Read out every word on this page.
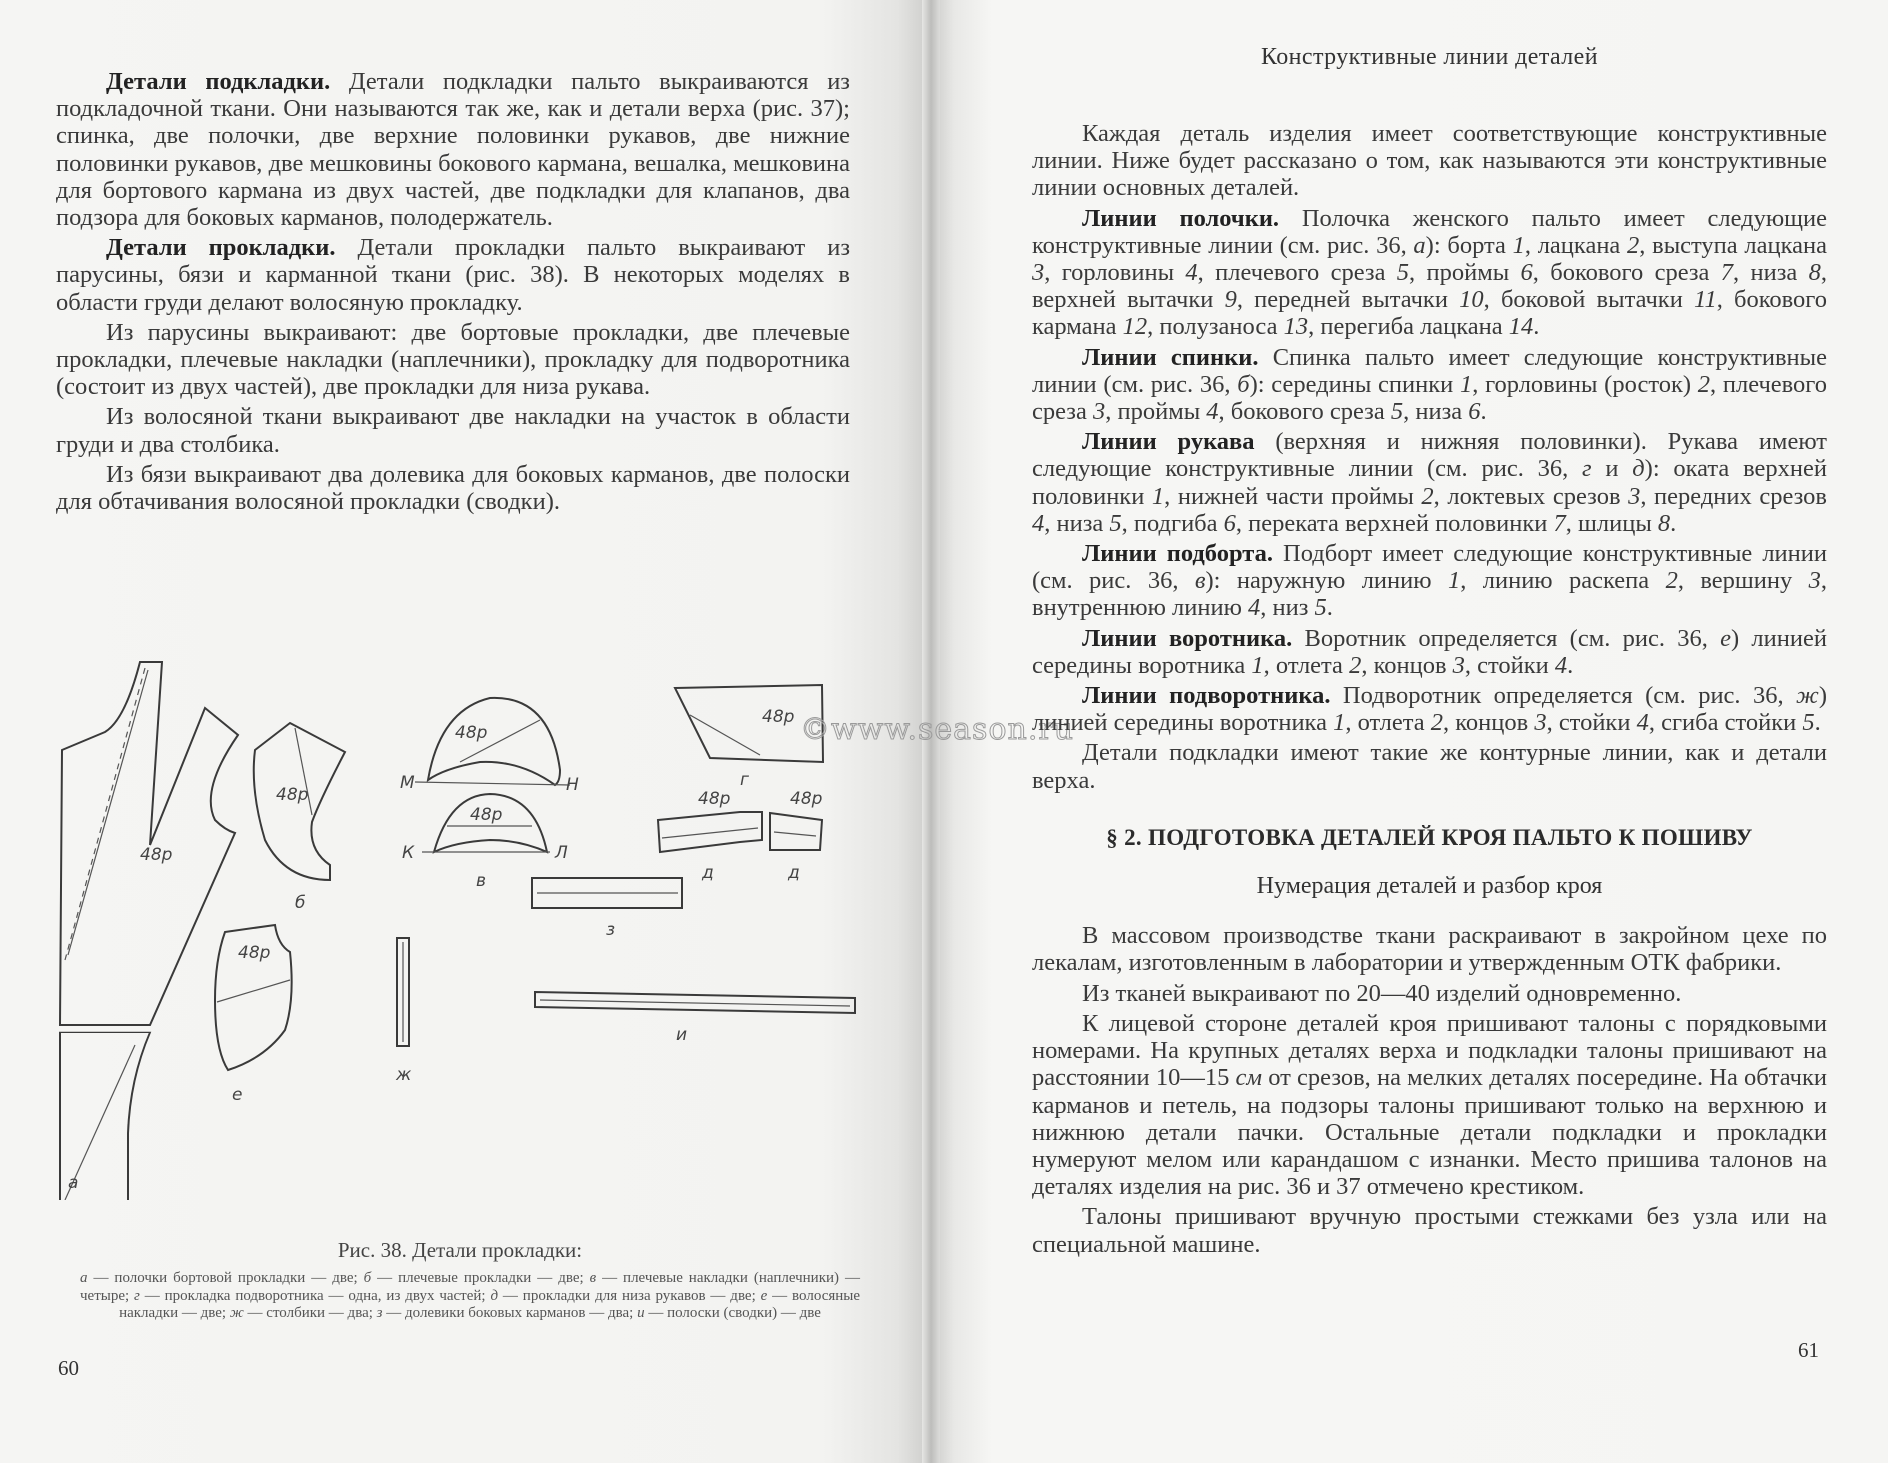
Детали подкладки. Детали подкладки пальто выкраиваются из подкладочной ткани. Они называются так же, как и детали верха (рис. 37); спинка, две полочки, две верхние половинки рукавов, две нижние половинки рукавов, две мешковины бокового кармана, вешалка, мешковина для бортового кармана из двух частей, две подкладки для клапанов, два подзора для боковых карманов, полодержатель.

Детали прокладки. Детали прокладки пальто выкраивают из парусины, бязи и карманной ткани (рис. 38). В некоторых моделях в области груди делают волосяную прокладку.

Из парусины выкраивают: две бортовые прокладки, две плечевые прокладки, плечевые накладки (наплечники), прокладку для подворотника (состоит из двух частей), две прокладки для низа рукава.

Из волосяной ткани выкраивают две накладки на участок в области груди и два столбика.

Из бязи выкраивают два долевика для боковых карманов, две полоски для обтачивания волосяной прокладки (сводки).

48р
а
48р
б
48р
М	Н
48р
К	Л
в
48р
г
48р	48р
д	д
48р
е
ж
з
и
©www.season.ru
Рис. 38. Детали прокладки:
а — полочки бортовой прокладки — две; б — плечевые прокладки — две; в — плечевые накладки (наплечники) — четыре; г — прокладка подворотника — одна, из двух частей; д — прокладки для низа рукавов — две; е — волосяные накладки — две; ж — столбики — два; з — долевики боковых карманов — два; и — полоски (сводки) — две
60
Конструктивные линии деталей

Каждая деталь изделия имеет соответствующие конструктивные линии. Ниже будет рассказано о том, как называются эти конструктивные линии основных деталей.

Линии полочки. Полочка женского пальто имеет следующие конструктивные линии (см. рис. 36, а): борта 1, лацкана 2, выступа лацкана 3, горловины 4, плечевого среза 5, проймы 6, бокового среза 7, низа 8, верхней вытачки 9, передней вытачки 10, боковой вытачки 11, бокового кармана 12, полузаноса 13, перегиба лацкана 14.

Линии спинки. Спинка пальто имеет следующие конструктивные линии (см. рис. 36, б): середины спинки 1, горловины (росток) 2, плечевого среза 3, проймы 4, бокового среза 5, низа 6.

Линии рукава (верхняя и нижняя половинки). Рукава имеют следующие конструктивные линии (см. рис. 36, г и д): оката верхней половинки 1, нижней части проймы 2, локтевых срезов 3, передних срезов 4, низа 5, подгиба 6, переката верхней половинки 7, шлицы 8.

Линии подборта. Подборт имеет следующие конструктивные линии (см. рис. 36, в): наружную линию 1, линию раскепа 2, вершину 3, внутреннюю линию 4, низ 5.

Линии воротника. Воротник определяется (см. рис. 36, е) линией середины воротника 1, отлета 2, концов 3, стойки 4.

Линии подворотника. Подворотник определяется (см. рис. 36, ж) линией середины воротника 1, отлета 2, концов 3, стойки 4, сгиба стойки 5.

Детали подкладки имеют такие же контурные линии, как и детали верха.

§ 2. ПОДГОТОВКА ДЕТАЛЕЙ КРОЯ ПАЛЬТО К ПОШИВУ

Нумерация деталей и разбор кроя

В массовом производстве ткани раскраивают в закройном цехе по лекалам, изготовленным в лаборатории и утвержденным ОТК фабрики.

Из тканей выкраивают по 20—40 изделий одновременно.

К лицевой стороне деталей кроя пришивают талоны с порядковыми номерами. На крупных деталях верха и подкладки талоны пришивают на расстоянии 10—15 см от срезов, на мелких деталях посередине. На обтачки карманов и петель, на подзоры талоны пришивают только на верхнюю и нижнюю детали пачки. Остальные детали подкладки и прокладки нумеруют мелом или карандашом с изнанки. Место пришива талонов на деталях изделия на рис. 36 и 37 отмечено крестиком.

Талоны пришивают вручную простыми стежками без узла или на специальной машине.

61
